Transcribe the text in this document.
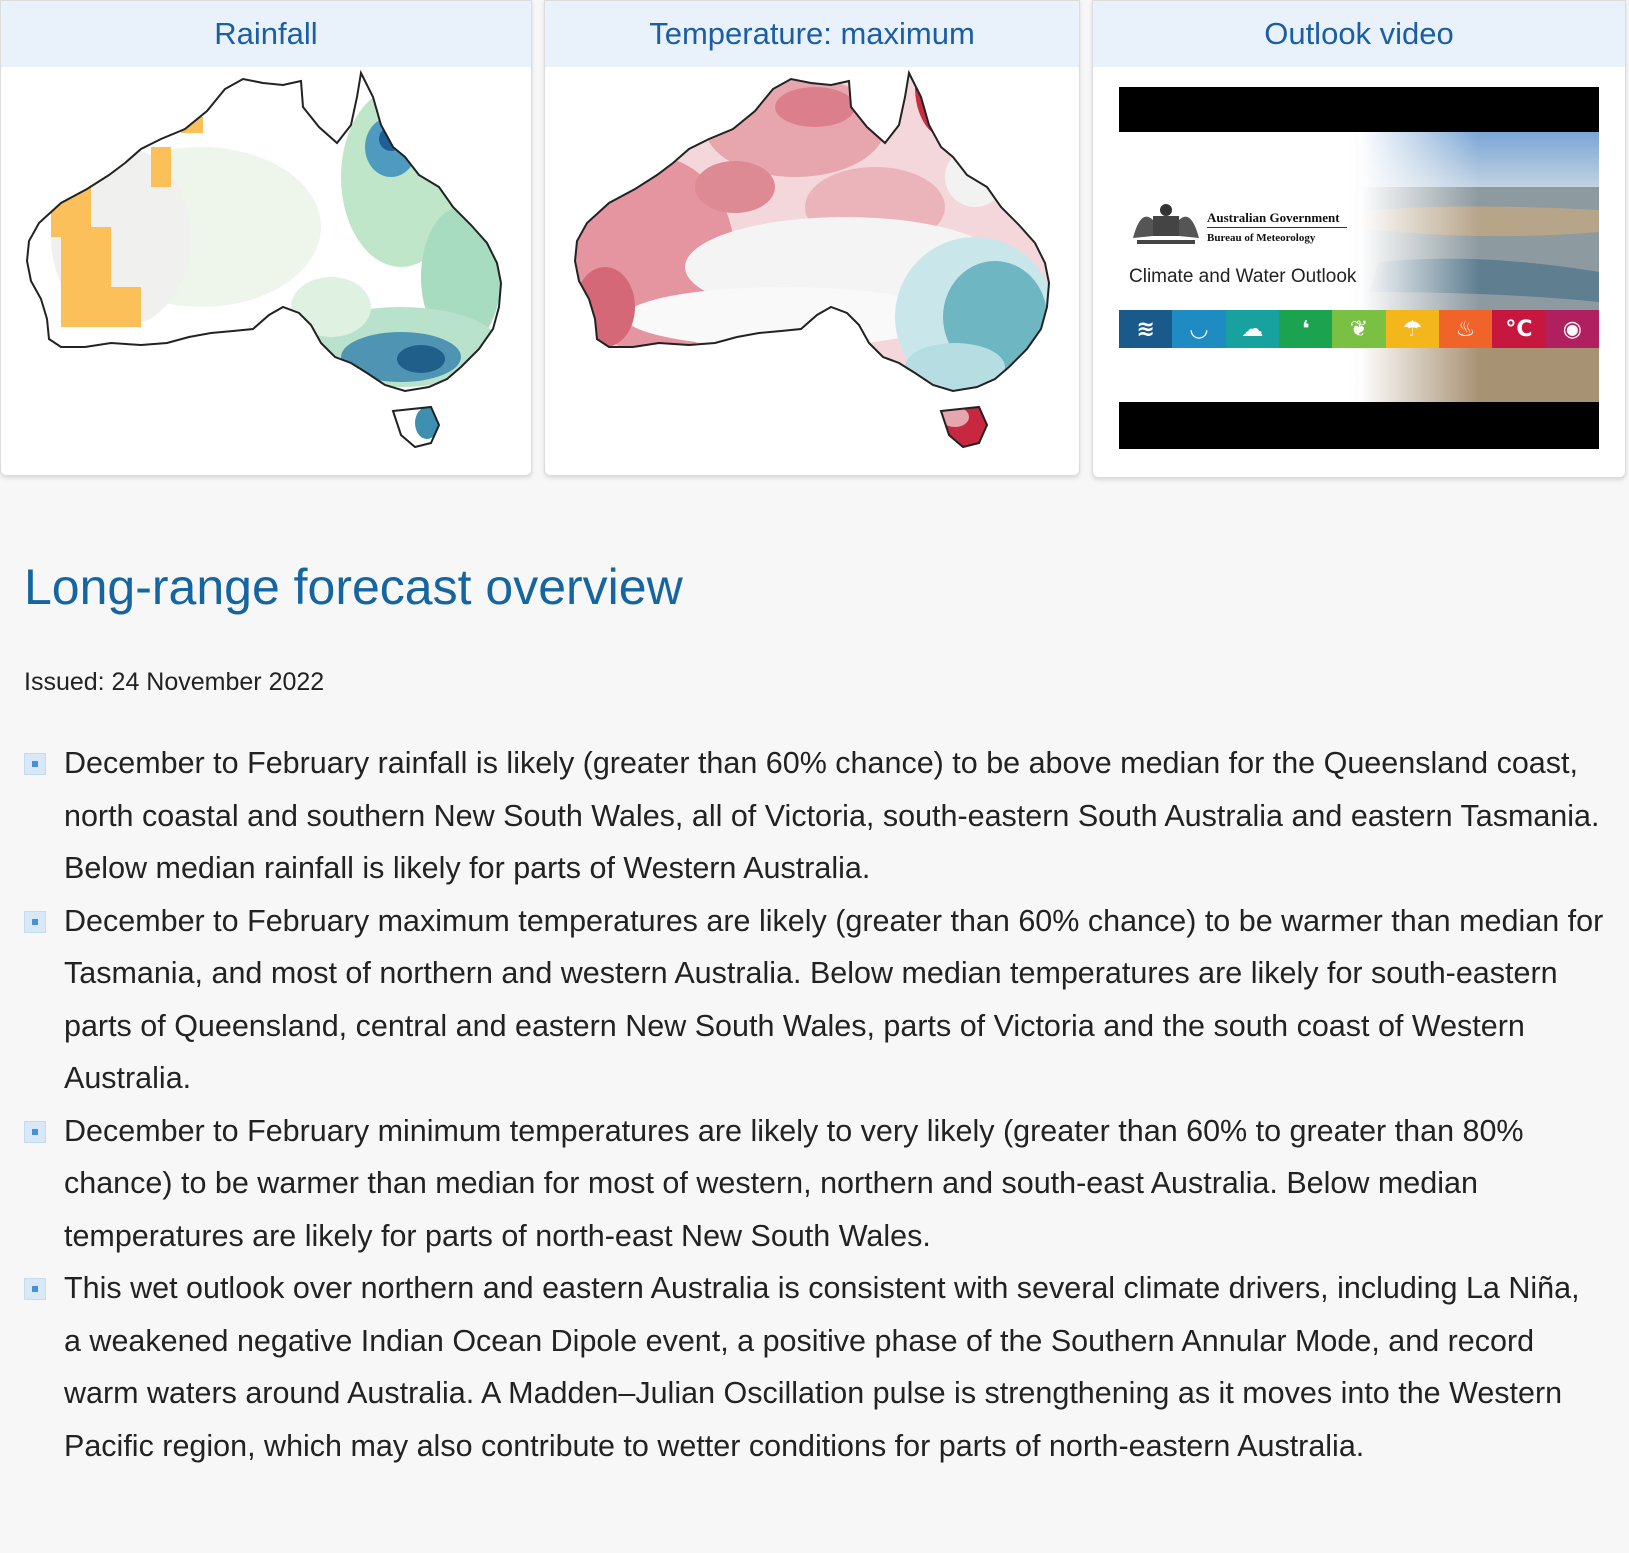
Rainfall	Temperature: maximum	Outlook video
Australian Government
Bureau of Meteorology
Climate and Water Outlook
≋	◡	☁	❛	❦	☂	♨	°C	◉
Long-range forecast overview
Issued: 24 November 2022
December to February rainfall is likely (greater than 60% chance) to be above median for the Queensland coast, north coastal and southern New South Wales, all of Victoria, south-eastern South Australia and eastern Tasmania. Below median rainfall is likely for parts of Western Australia.
December to February maximum temperatures are likely (greater than 60% chance) to be warmer than median for Tasmania, and most of northern and western Australia. Below median temperatures are likely for south-eastern parts of Queensland, central and eastern New South Wales, parts of Victoria and the south coast of Western Australia.
December to February minimum temperatures are likely to very likely (greater than 60% to greater than 80% chance) to be warmer than median for most of western, northern and south-east Australia. Below median temperatures are likely for parts of north-east New South Wales.
This wet outlook over northern and eastern Australia is consistent with several climate drivers, including La Niña, a weakened negative Indian Ocean Dipole event, a positive phase of the Southern Annular Mode, and record warm waters around Australia. A Madden–Julian Oscillation pulse is strengthening as it moves into the Western Pacific region, which may also contribute to wetter conditions for parts of north-eastern Australia.
